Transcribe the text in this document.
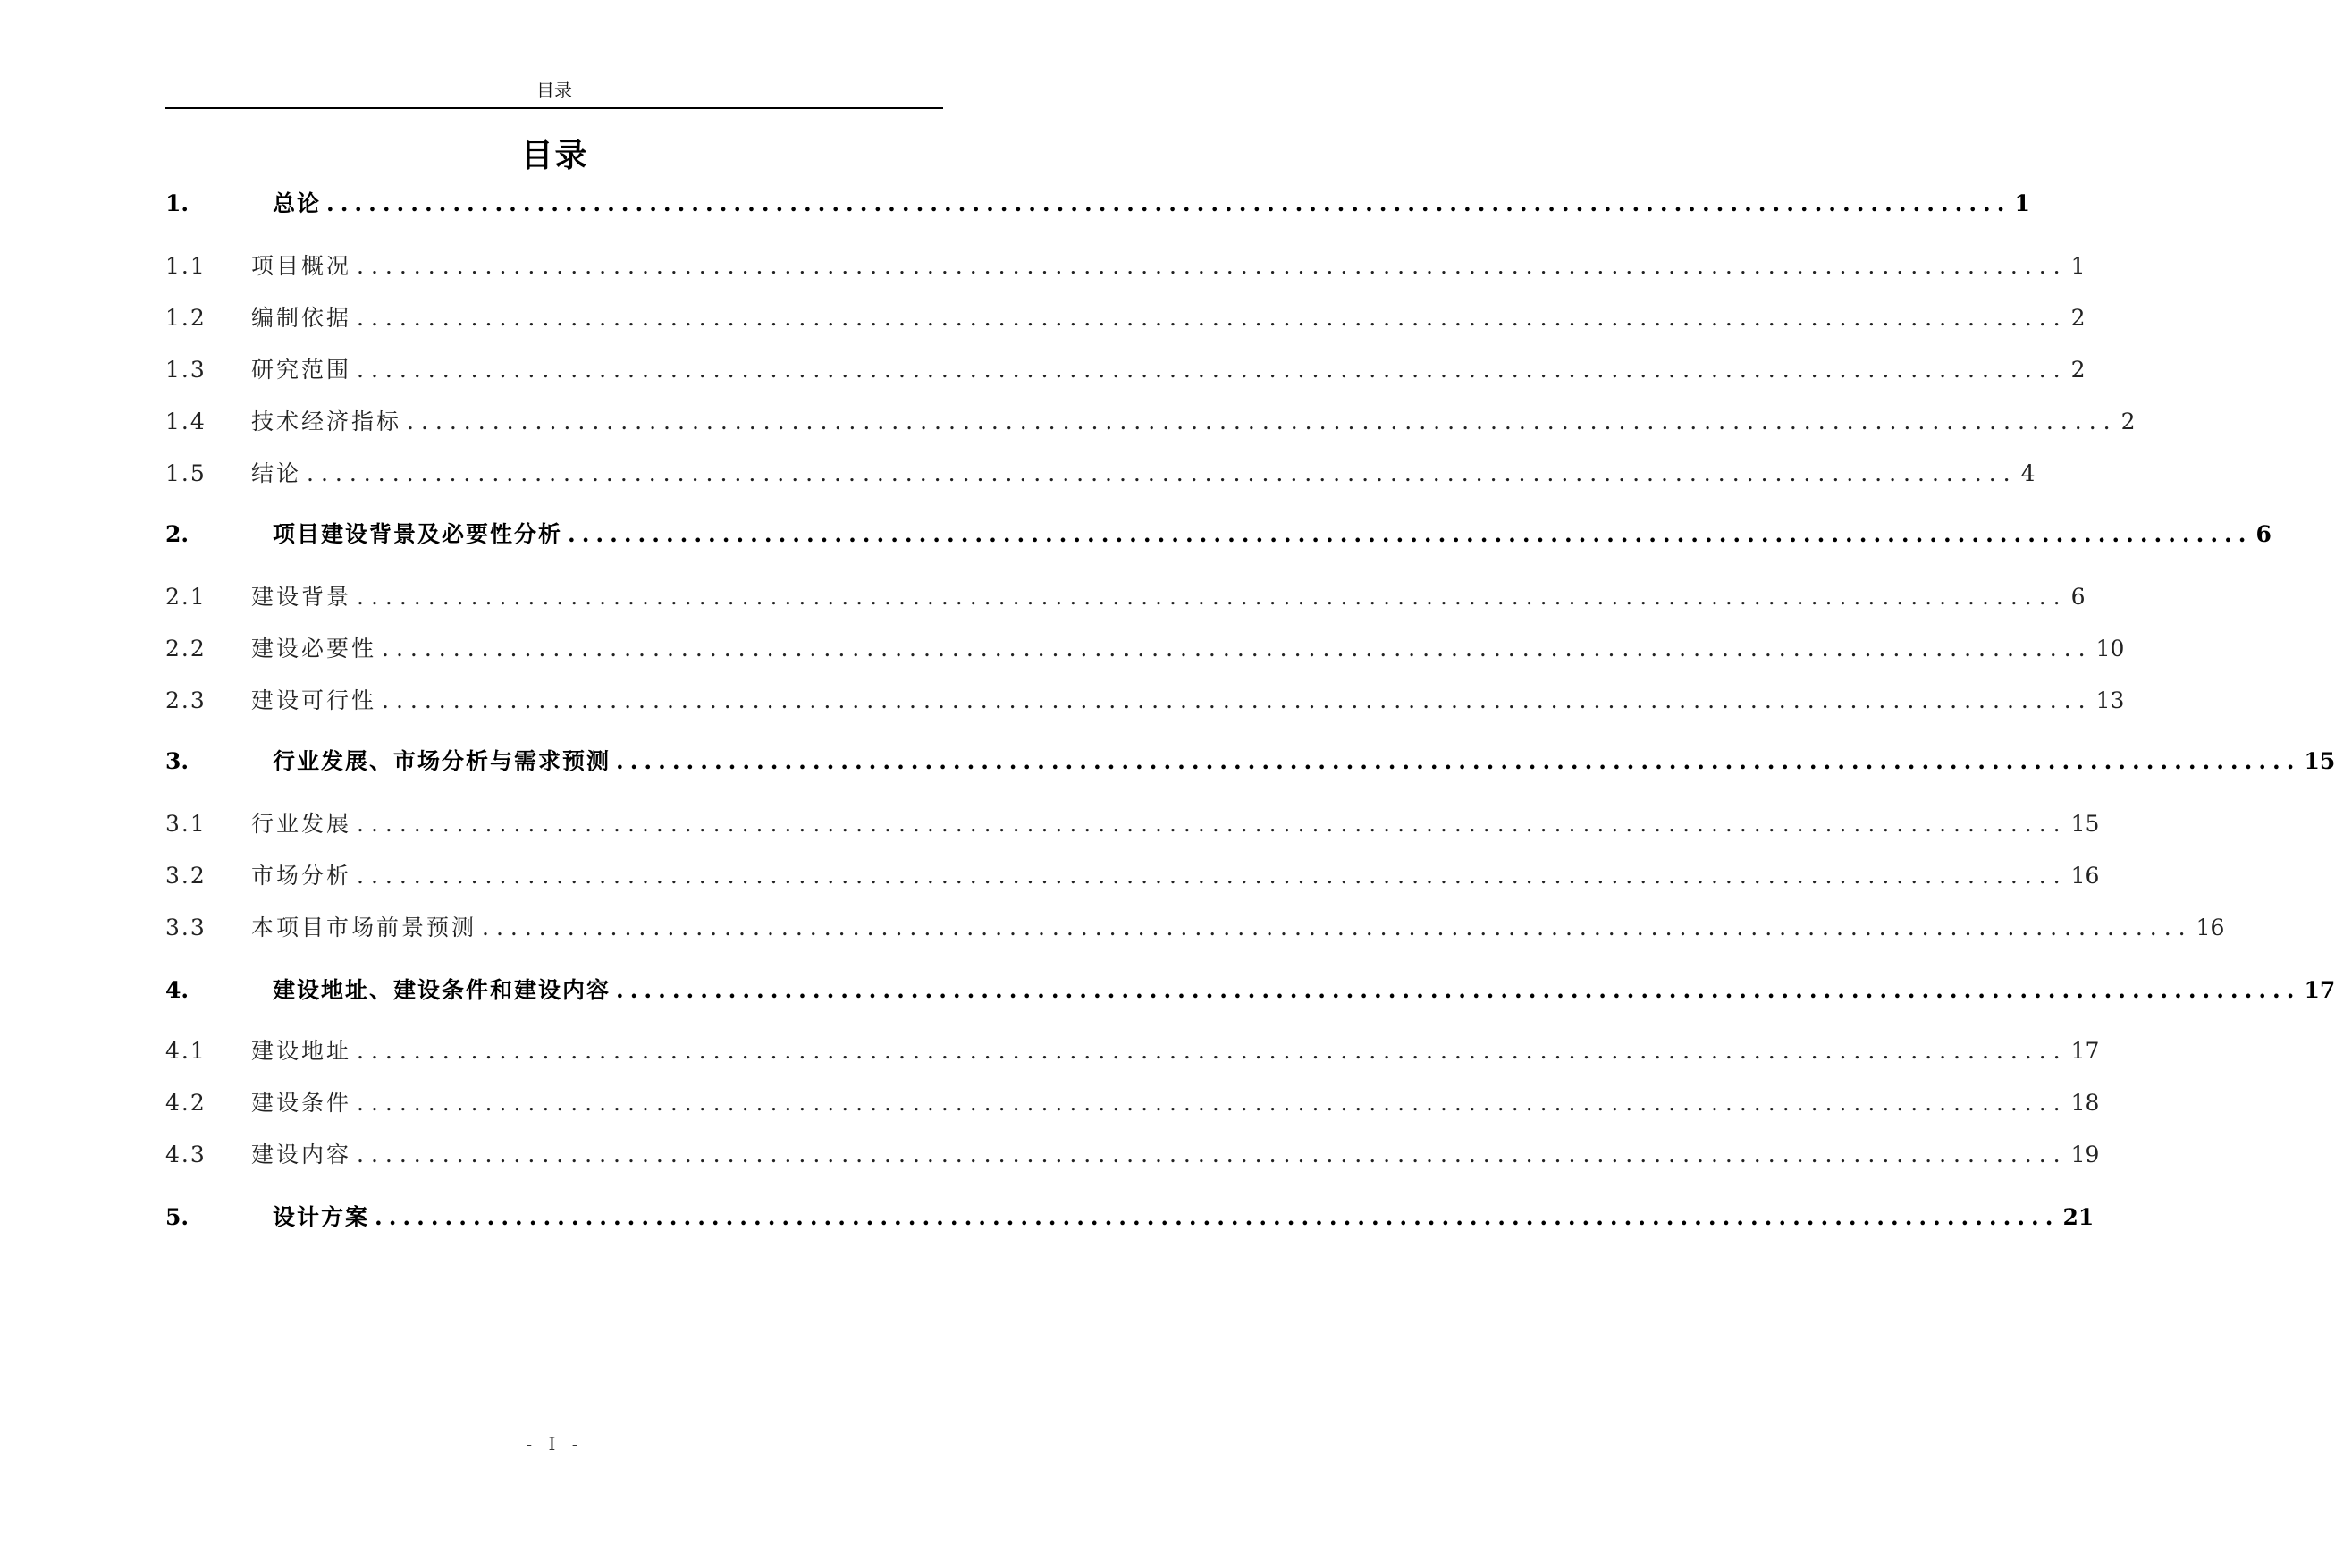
目录
目录
1.	总论 ........................................................................................................................ 1
1.1	项目概况 ........................................................................................................................ 1
1.2	编制依据 ........................................................................................................................ 2
1.3	研究范围 ........................................................................................................................ 2
1.4	技术经济指标 ........................................................................................................................ 2
1.5	结论 ........................................................................................................................ 4
2.	项目建设背景及必要性分析 ........................................................................................................................ 6
2.1	建设背景 ........................................................................................................................ 6
2.2	建设必要性 ........................................................................................................................ 10
2.3	建设可行性 ........................................................................................................................ 13
3.	行业发展、市场分析与需求预测 ........................................................................................................................ 15
3.1	行业发展 ........................................................................................................................ 15
3.2	市场分析 ........................................................................................................................ 16
3.3	本项目市场前景预测 ........................................................................................................................ 16
4.	建设地址、建设条件和建设内容 ........................................................................................................................ 17
4.1	建设地址 ........................................................................................................................ 17
4.2	建设条件 ........................................................................................................................ 18
4.3	建设内容 ........................................................................................................................ 19
5.	设计方案 ........................................................................................................................ 21
- I -
